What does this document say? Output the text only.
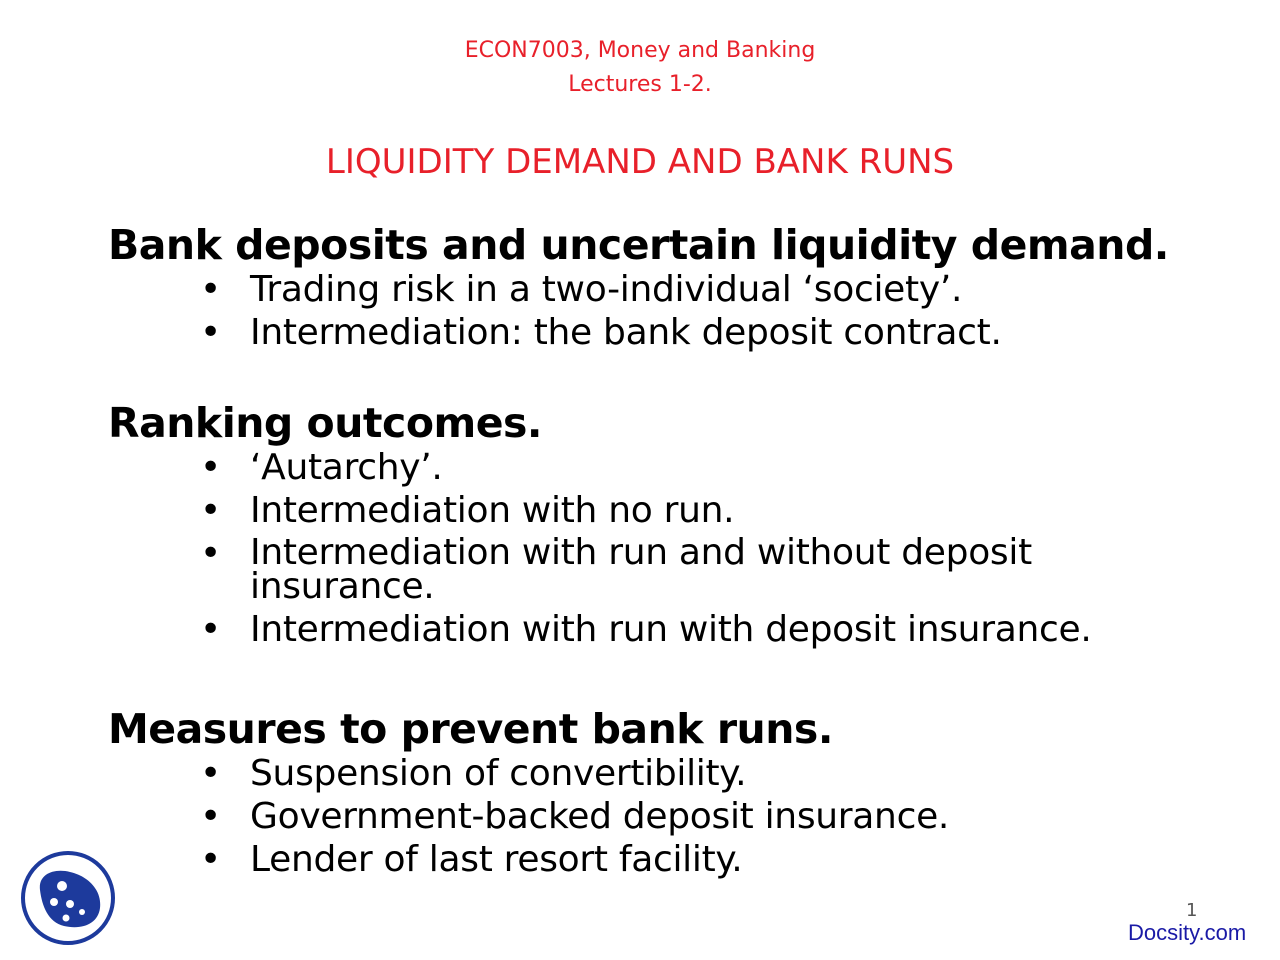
ECON7003, Money and Banking
Lectures 1-2.
LIQUIDITY DEMAND AND BANK RUNS
Bank deposits and uncertain liquidity demand.
• Trading risk in a two-individual ‘society’.
• Intermediation: the bank deposit contract.
Ranking outcomes.
• ‘Autarchy’.
• Intermediation with no run.
• Intermediation with run and without deposit insurance.
• Intermediation with run with deposit insurance.
Measures to prevent bank runs.
• Suspension of convertibility.
• Government-backed deposit insurance.
• Lender of last resort facility.
1
Docsity.com
